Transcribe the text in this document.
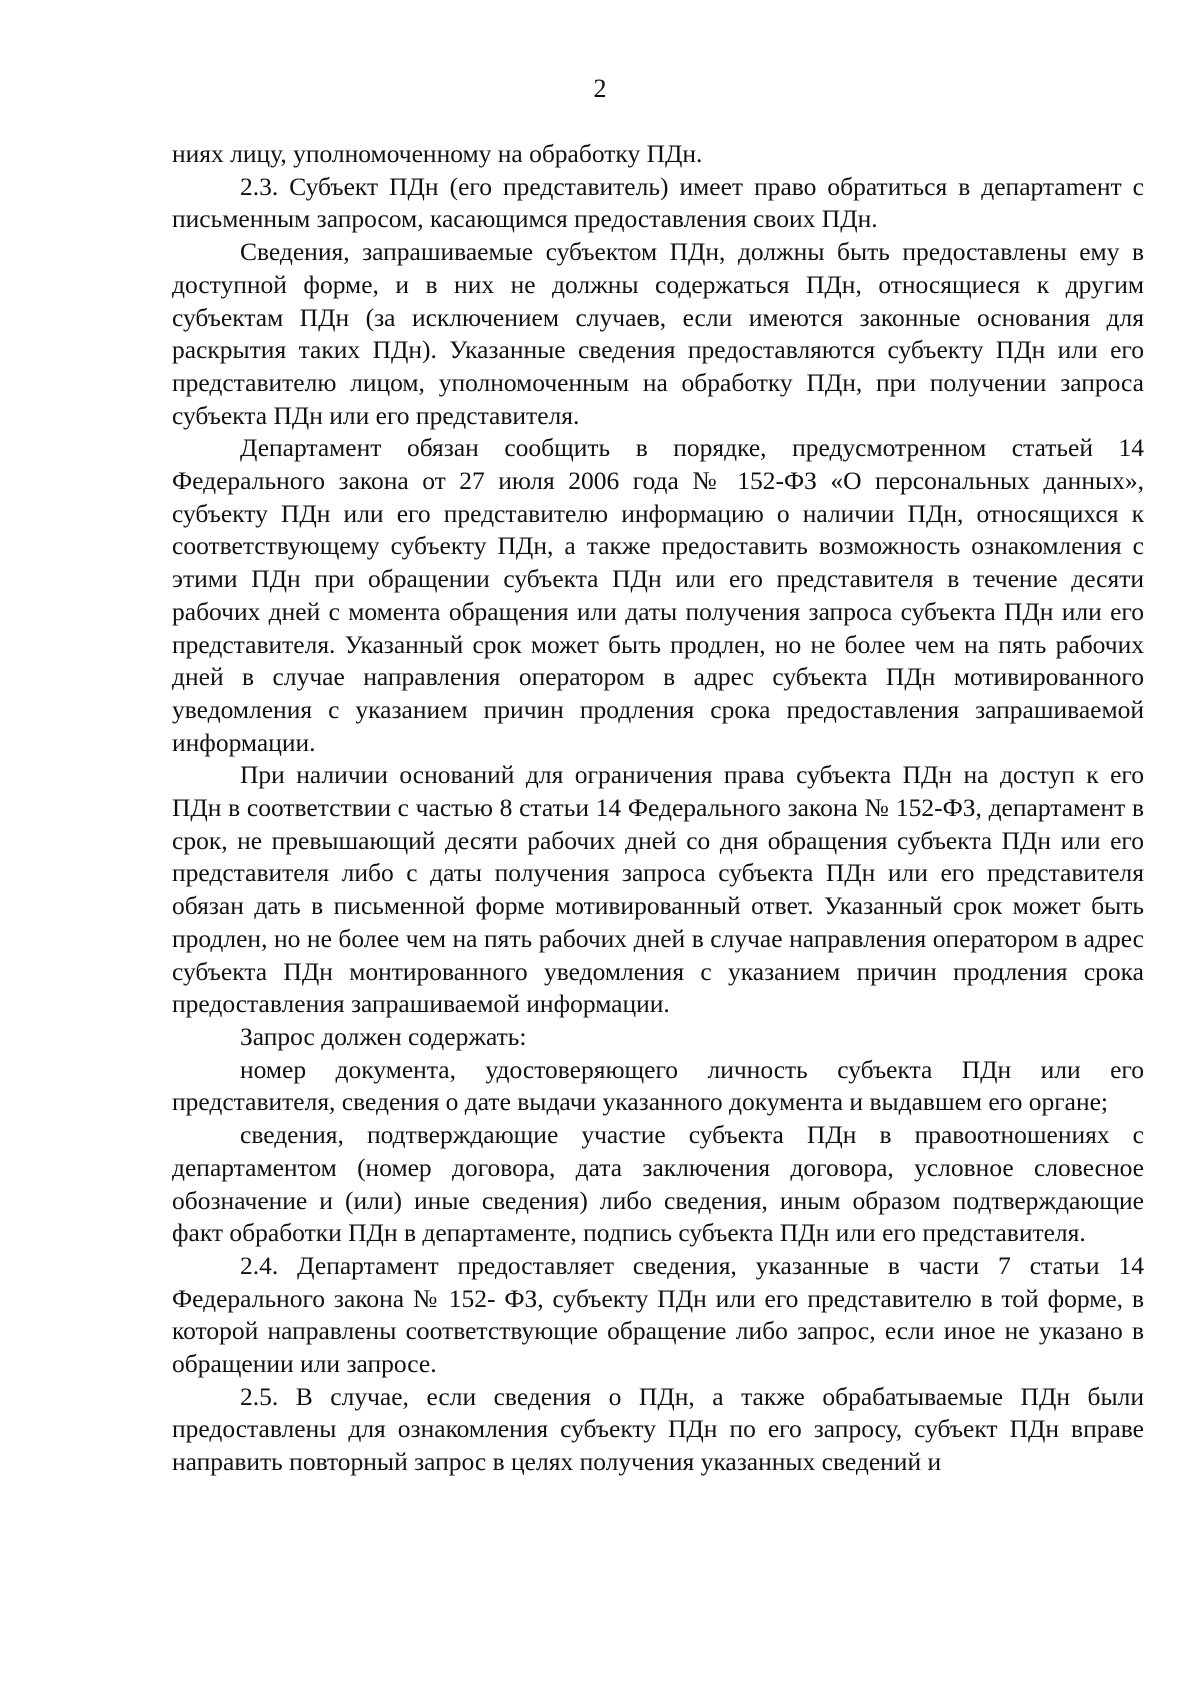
2

ниях лицу, уполномоченному на обработку ПДн.

2.3. Субъект ПДн (его представитель) имеет право обратиться в департаmент с письменным запросом, касающимся предоставления своих ПДн.

Сведения, запрашиваемые субъектом ПДн, должны быть предоставлены ему в доступной форме, и в них не должны содержаться ПДн, относящиеся к другим субъектам ПДн (за исключением случаев, если имеются законные основания для раскрытия таких ПДн). Указанные сведения предоставляются субъекту ПДн или его представителю лицом, уполномоченным на обработку ПДн, при получении запроса субъекта ПДн или его представителя.

Департамент обязан сообщить в порядке, предусмотренном статьей 14 Федерального закона от 27 июля 2006 года № 152-ФЗ «О персональных данных», субъекту ПДн или его представителю информацию о наличии ПДн, относящихся к соответствующему субъекту ПДн, а также предоставить возможность ознакомления с этими ПДн при обращении субъекта ПДн или его представителя в течение десяти рабочих дней с момента обращения или даты получения запроса субъекта ПДн или его представителя. Указанный срок может быть продлен, но не более чем на пять рабочих дней в случае направления оператором в адрес субъекта ПДн мотивированного уведомления с указанием причин продления срока предоставления запрашиваемой информации.

При наличии оснований для ограничения права субъекта ПДн на доступ к его ПДн в соответствии с частью 8 статьи 14 Федерального закона № 152-ФЗ, департамент в срок, не превышающий десяти рабочих дней со дня обращения субъекта ПДн или его представителя либо с даты получения запроса субъекта ПДн или его представителя обязан дать в письменной форме мотивированный ответ. Указанный срок может быть продлен, но не более чем на пять рабочих дней в случае направления оператором в адрес субъекта ПДн монтированного уведомления с указанием причин продления срока предоставления запрашиваемой информации.

Запрос должен содержать:

номер документа, удостоверяющего личность субъекта ПДн или его представителя, сведения о дате выдачи указанного документа и выдавшем его органе;

сведения, подтверждающие участие субъекта ПДн в правоотношениях с департаментом (номер договора, дата заключения договора, условное словесное обозначение и (или) иные сведения) либо сведения, иным образом подтверждающие факт обработки ПДн в департаменте, подпись субъекта ПДн или его представителя.

2.4. Департамент предоставляет сведения, указанные в части 7 статьи 14 Федерального закона № 152- ФЗ, субъекту ПДн или его представителю в той форме, в которой направлены соответствующие обращение либо запрос, если иное не указано в обращении или запросе.

2.5. В случае, если сведения о ПДн, а также обрабатываемые ПДн были предоставлены для ознакомления субъекту ПДн по его запросу, субъект ПДн вправе направить повторный запрос в целях получения указанных сведений и
